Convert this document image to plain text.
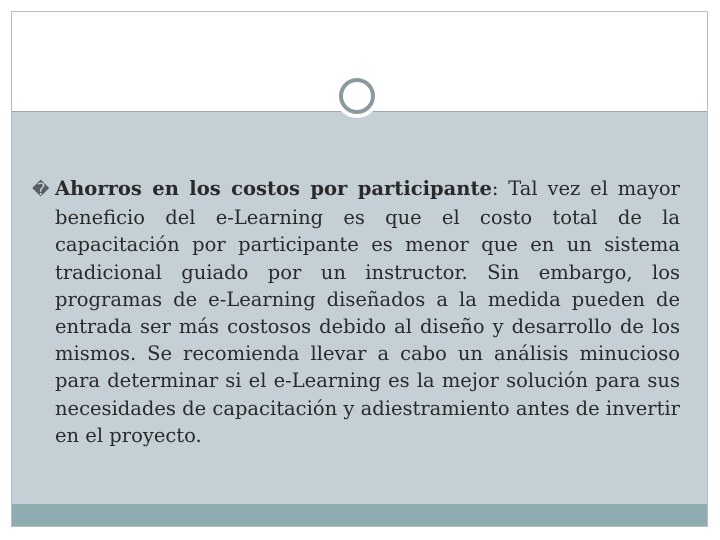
� Ahorros en los costos por participante: Tal vez el mayor beneficio del e-Learning es que el costo total de la capacitación por participante es menor que en un sistema tradicional guiado por un instructor. Sin embargo, los programas de e-Learning diseñados a la medida pueden de entrada ser más costosos debido al diseño y desarrollo de los mismos. Se recomienda llevar a cabo un análisis minucioso para determinar si el e-Learning es la mejor solución para sus necesidades de capacitación y adiestramiento antes de invertir en el proyecto.
